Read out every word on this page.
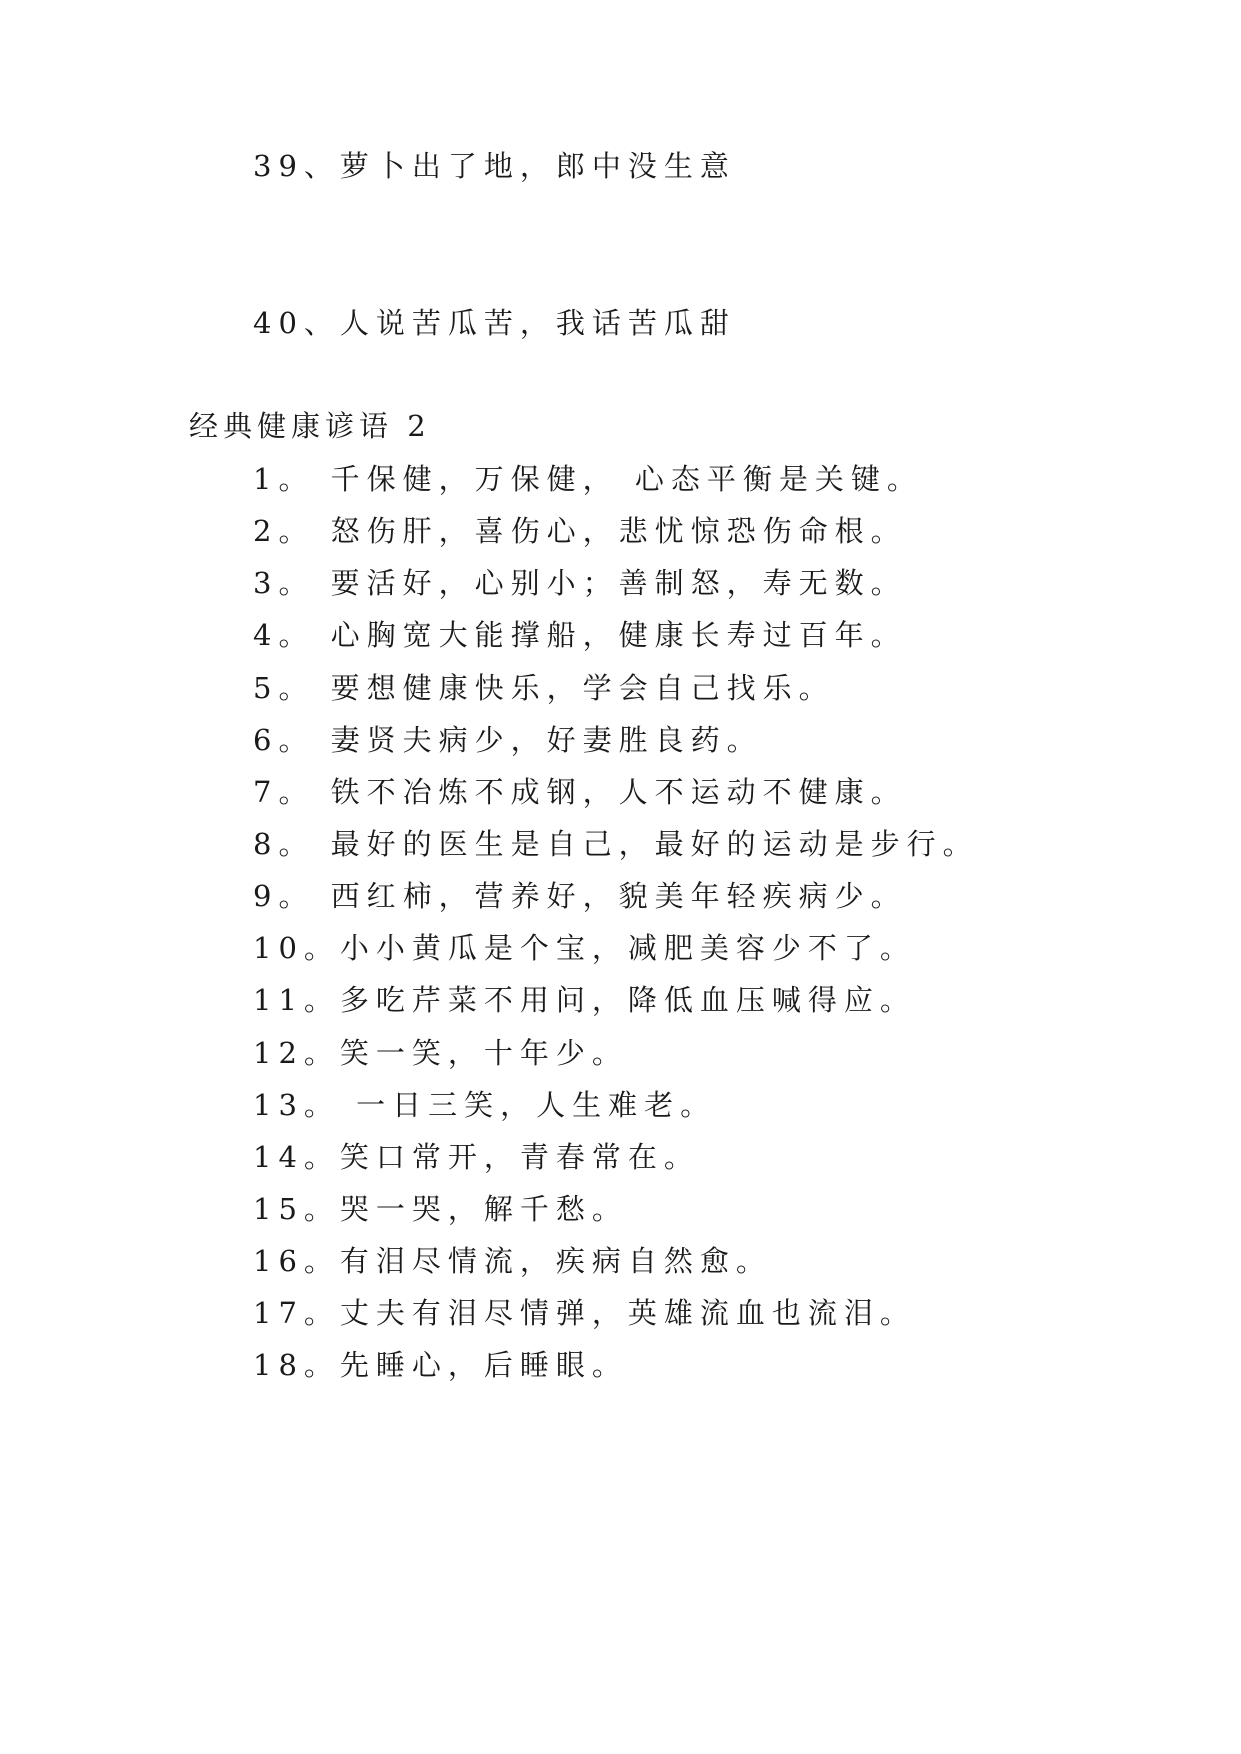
39、萝卜出了地，郎中没生意
40、人说苦瓜苦，我话苦瓜甜
经典健康谚语 2
1。 千保健，万保健， 心态平衡是关键。
2。 怒伤肝，喜伤心，悲忧惊恐伤命根。
3。 要活好，心别小；善制怒，寿无数。
4。 心胸宽大能撑船，健康长寿过百年。
5。 要想健康快乐，学会自己找乐。
6。 妻贤夫病少，好妻胜良药。
7。 铁不冶炼不成钢，人不运动不健康。
8。 最好的医生是自己，最好的运动是步行。
9。 西红柿，营养好，貌美年轻疾病少。
10。小小黄瓜是个宝，减肥美容少不了。
11。多吃芹菜不用问，降低血压喊得应。
12。笑一笑，十年少。
13。 一日三笑，人生难老。
14。笑口常开，青春常在。
15。哭一哭，解千愁。
16。有泪尽情流，疾病自然愈。
17。丈夫有泪尽情弹，英雄流血也流泪。
18。先睡心，后睡眼。
